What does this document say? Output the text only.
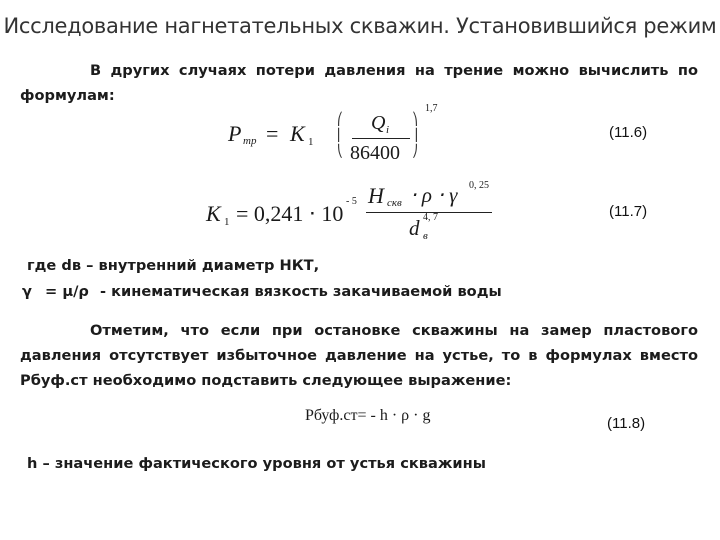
Исследование нагнетательных скважин. Установившийся режим
В других случаях потери давления на трение можно вычислить по формулам:
P тр = K 1
⎛
⎜
⎝
Q i
86400
⎞
⎟
⎠
1,7
(11.6)
K 1 = 0,241 ⋅ 10 - 5 H скв ⋅ ρ ⋅ γ 0, 25
d в
4, 7	(11.7)
где dв – внутренний диаметр НКТ,
γ = μ/ρ - кинематическая вязкость закачиваемой воды
Отметим, что если при остановке скважины на замер пластового давления отсутствует избыточное давление на устье, то в формулах вместо Рбуф.ст необходимо подставить следующее выражение:
Рбуф.ст= - h · ρ · g	(11.8)
h – значение фактического уровня от устья скважины
